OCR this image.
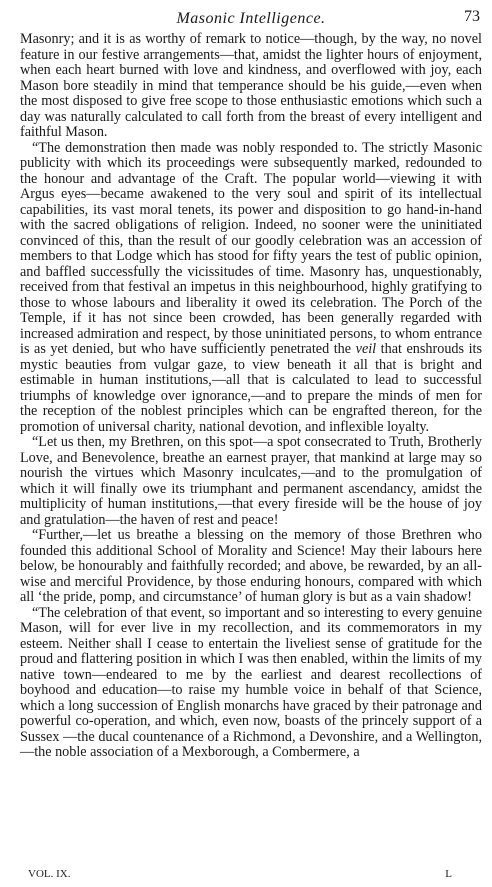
Masonic Intelligence.	73

Masonry; and it is as worthy of remark to notice—though, by the way, no novel feature in our festive arrangements—that, amidst the lighter hours of enjoyment, when each heart burned with love and kindness, and overflowed with joy, each Mason bore steadily in mind that temperance should be his guide,—even when the most disposed to give free scope to those enthusiastic emotions which such a day was naturally calculated to call forth from the breast of every intelligent and faithful Mason.

“The demonstration then made was nobly responded to. The strictly Masonic publicity with which its proceedings were subsequently marked, redounded to the honour and advantage of the Craft. The popular world—viewing it with Argus eyes—became awakened to the very soul and spirit of its intellectual capabilities, its vast moral tenets, its power and disposition to go hand-in-hand with the sacred obligations of religion. Indeed, no sooner were the uninitiated convinced of this, than the result of our goodly celebration was an accession of members to that Lodge which has stood for fifty years the test of public opinion, and baffled successfully the vicissitudes of time. Masonry has, unquestionably, received from that festival an impetus in this neighbourhood, highly gratifying to those to whose labours and liberality it owed its celebration. The Porch of the Temple, if it has not since been crowded, has been generally regarded with increased admiration and respect, by those uninitiated persons, to whom entrance is as yet denied, but who have sufficiently penetrated the veil that enshrouds its mystic beauties from vulgar gaze, to view beneath it all that is bright and estimable in human institutions,—all that is calculated to lead to successful triumphs of knowledge over ignorance,—and to prepare the minds of men for the reception of the noblest principles which can be engrafted thereon, for the promotion of universal charity, national devotion, and inflexible loyalty.

“Let us then, my Brethren, on this spot—a spot consecrated to Truth, Brotherly Love, and Benevolence, breathe an earnest prayer, that mankind at large may so nourish the virtues which Masonry inculcates,—and to the promulgation of which it will finally owe its triumphant and permanent ascendancy, amidst the multiplicity of human institutions,—that every fireside will be the house of joy and gratulation—the haven of rest and peace!

“Further,—let us breathe a blessing on the memory of those Brethren who founded this additional School of Morality and Science! May their labours here below, be honourably and faithfully recorded; and above, be rewarded, by an all-wise and merciful Providence, by those enduring honours, compared with which all ‘the pride, pomp, and circumstance’ of human glory is but as a vain shadow!

“The celebration of that event, so important and so interesting to every genuine Mason, will for ever live in my recollection, and its commemorators in my esteem. Neither shall I cease to entertain the liveliest sense of gratitude for the proud and flattering position in which I was then enabled, within the limits of my native town—endeared to me by the earliest and dearest recollections of boyhood and education—to raise my humble voice in behalf of that Science, which a long succession of English monarchs have graced by their patronage and powerful co-operation, and which, even now, boasts of the princely support of a Sussex —the ducal countenance of a Richmond, a Devonshire, and a Wellington,—the noble association of a Mexborough, a Combermere, a

VOL. IX.	L
